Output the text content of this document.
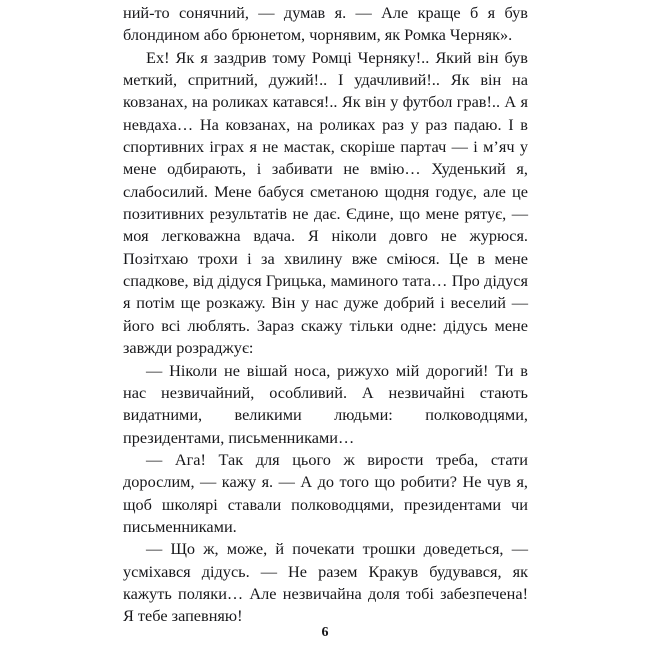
ний-то сонячний, — думав я. — Але краще б я був блондином або брюнетом, чорнявим, як Ромка Черняк».

Ех! Як я заздрив тому Ромці Черняку!.. Який він був меткий, спритний, дужий!.. І удачливий!.. Як він на ковзанах, на роликах катався!.. Як він у футбол грав!.. А я невдаха… На ковзанах, на роликах раз у раз падаю. І в спортивних іграх я не мастак, скоріше партач — і м’яч у мене одбирають, і забивати не вмію… Худенький я, слабосилий. Мене бабуся сметаною щодня годує, але це позитивних результатів не дає. Єдине, що мене рятує, — моя легковажна вдача. Я ніколи довго не журюся. Позітхаю трохи і за хвилину вже сміюся. Це в мене спадкове, від дідуся Грицька, маминого тата… Про дідуся я потім ще розкажу. Він у нас дуже добрий і веселий — його всі люблять. Зараз скажу тільки одне: дідусь мене завжди розраджує:

— Ніколи не вішай носа, рижухо мій дорогий! Ти в нас незвичайний, особливий. А незвичайні стають видатними, великими людьми: полководцями, президентами, письменниками…

— Ага! Так для цього ж вирости треба, стати дорослим, — кажу я. — А до того що робити? Не чув я, щоб школярі ставали полководцями, президентами чи письменниками.

— Що ж, може, й почекати трошки доведеться, — усміхався дідусь. — Не разем Кракув будувався, як кажуть поляки… Але незвичайна доля тобі забезпечена! Я тебе запевняю!

6
